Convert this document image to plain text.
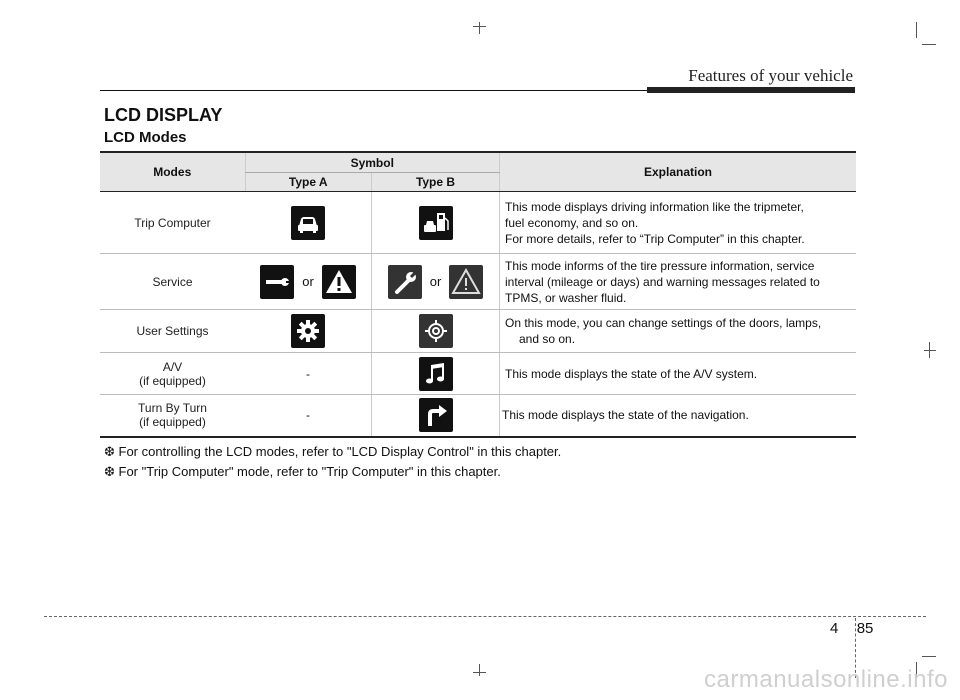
Features of your vehicle
LCD DISPLAY
LCD Modes
Modes	Symbol		Explanation
	Type A	Type B	
Trip Computer			This mode displays driving information like the tripmeter,
fuel economy, and so on.
For more details, refer to “Trip Computer” in this chapter.

Service	or	or	This mode informs of the tire pressure information, service
interval (mileage or days) and warning messages related to
TPMS, or washer fluid.

User Settings			On this mode, you can change settings of the doors, lamps,
and so on.

A/V
(if equipped)	-		This mode displays the state of the A/V system.

Turn By Turn
(if equipped)	-		This mode displays the state of the navigation.
❆ For controlling the LCD modes, refer to "LCD Display Control" in this chapter.
❆ For "Trip Computer" mode, refer to "Trip Computer" in this chapter.
4 85
carmanualsonline.info
